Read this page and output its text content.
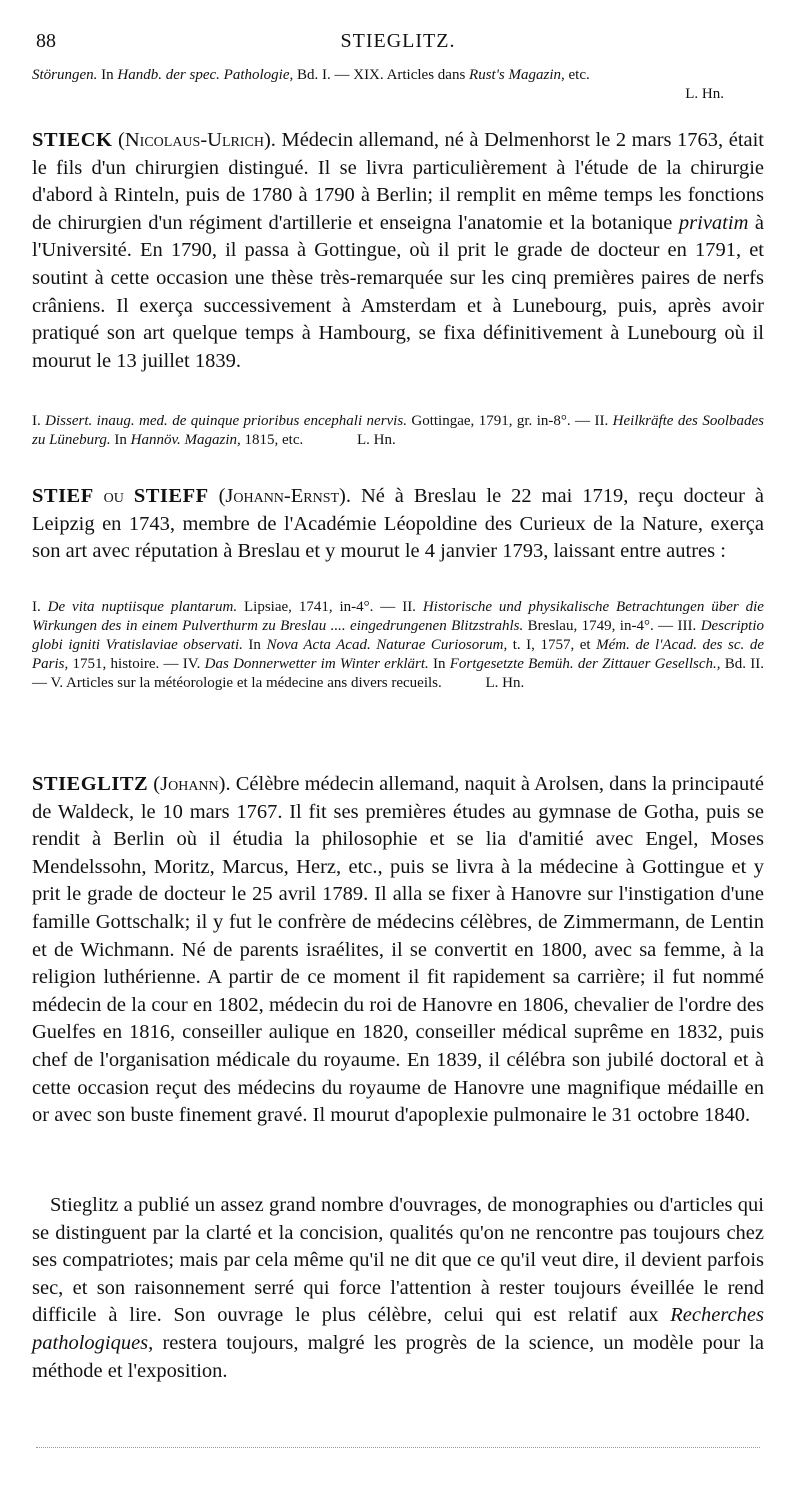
88	STIEGLITZ.
Störungen. In Handb. der spec. Pathologie, Bd. I. — XIX. Articles dans Rust's Magazin, etc.
L. Hn.

STIECK (Nicolaus-Ulrich). Médecin allemand, né à Delmenhorst le 2 mars 1763, était le fils d'un chirurgien distingué. Il se livra particulièrement à l'étude de la chirurgie d'abord à Rinteln, puis de 1780 à 1790 à Berlin; il remplit en même temps les fonctions de chirurgien d'un régiment d'artillerie et enseigna l'anatomie et la botanique privatim à l'Université. En 1790, il passa à Gottingue, où il prit le grade de docteur en 1791, et soutint à cette occasion une thèse très-remarquée sur les cinq premières paires de nerfs crâniens. Il exerça successivement à Amsterdam et à Lunebourg, puis, après avoir pratiqué son art quelque temps à Hambourg, se fixa définitivement à Lunebourg où il mourut le 13 juillet 1839.

I. Dissert. inaug. med. de quinque prioribus encephali nervis. Gottingae, 1791, gr. in-8°. — II. Heilkräfte des Soolbades zu Lüneburg. In Hannöv. Magazin, 1815, etc.	L. Hn.

STIEF ou STIEFF (Johann-Ernst). Né à Breslau le 22 mai 1719, reçu docteur à Leipzig en 1743, membre de l'Académie Léopoldine des Curieux de la Nature, exerça son art avec réputation à Breslau et y mourut le 4 janvier 1793, laissant entre autres :

I. De vita nuptiisque plantarum. Lipsiae, 1741, in-4°. — II. Historische und physikalische Betrachtungen über die Wirkungen des in einem Pulverthurm zu Breslau .... eingedrungenen Blitzstrahls. Breslau, 1749, in-4°. — III. Descriptio globi igniti Vratislaviae observati. In Nova Acta Acad. Naturae Curiosorum, t. I, 1757, et Mém. de l'Acad. des sc. de Paris, 1751, histoire. — IV. Das Donnerwetter im Winter erklärt. In Fortgesetzte Bemüh. der Zittauer Gesellsch., Bd. II. — V. Articles sur la météorologie et la médecine ans divers recueils.	L. Hn.

STIEGLITZ (Johann). Célèbre médecin allemand, naquit à Arolsen, dans la principauté de Waldeck, le 10 mars 1767. Il fit ses premières études au gymnase de Gotha, puis se rendit à Berlin où il étudia la philosophie et se lia d'amitié avec Engel, Moses Mendelssohn, Moritz, Marcus, Herz, etc., puis se livra à la médecine à Gottingue et y prit le grade de docteur le 25 avril 1789. Il alla se fixer à Hanovre sur l'instigation d'une famille Gottschalk; il y fut le confrère de médecins célèbres, de Zimmermann, de Lentin et de Wichmann. Né de parents israélites, il se convertit en 1800, avec sa femme, à la religion luthérienne. A partir de ce moment il fit rapidement sa carrière; il fut nommé médecin de la cour en 1802, médecin du roi de Hanovre en 1806, chevalier de l'ordre des Guelfes en 1816, conseiller aulique en 1820, conseiller médical suprême en 1832, puis chef de l'organisation médicale du royaume. En 1839, il célébra son jubilé doctoral et à cette occasion reçut des médecins du royaume de Hanovre une magnifique médaille en or avec son buste finement gravé. Il mourut d'apoplexie pulmonaire le 31 octobre 1840.

Stieglitz a publié un assez grand nombre d'ouvrages, de monographies ou d'articles qui se distinguent par la clarté et la concision, qualités qu'on ne rencontre pas toujours chez ses compatriotes; mais par cela même qu'il ne dit que ce qu'il veut dire, il devient parfois sec, et son raisonnement serré qui force l'attention à rester toujours éveillée le rend difficile à lire. Son ouvrage le plus célèbre, celui qui est relatif aux Recherches pathologiques, restera toujours, malgré les progrès de la science, un modèle pour la méthode et l'exposition.
